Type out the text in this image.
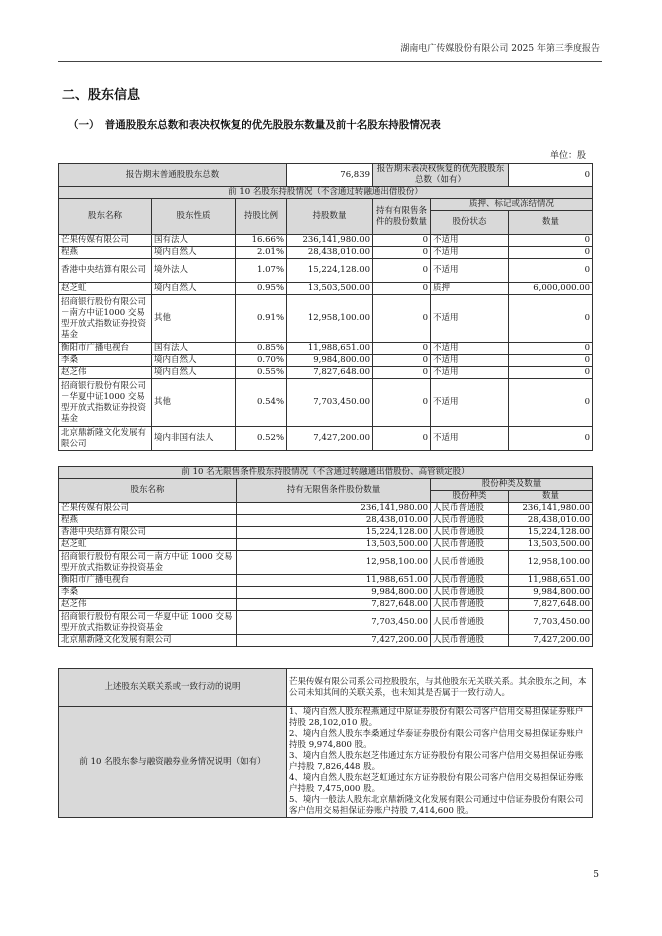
湖南电广传媒股份有限公司 2025 年第三季度报告
二、股东信息
（一）　普通股股东总数和表决权恢复的优先股股东数量及前十名股东持股情况表
单位：股
报告期末普通股股东总数			76,839	报告期末表决权恢复的优先股股东总数（如有）		0
前 10 名股东持股情况（不含通过转融通出借股份）						
股东名称	股东性质	持股比例	持股数量	持有有限售条件的股份数量	质押、标记或冻结情况	
					股份状态	数量
芒果传媒有限公司	国有法人	16.66%	236,141,980.00	0	不适用	0
程燕	境内自然人	2.01%	28,438,010.00	0	不适用	0
香港中央结算有限公司	境外法人	1.07%	15,224,128.00	0	不适用	0
赵芝虹	境内自然人	0.95%	13,503,500.00	0	质押	6,000,000.00
招商银行股份有限公司－南方中证1000 交易型开放式指数证券投资基金	其他	0.91%	12,958,100.00	0	不适用	0
衡阳市广播电视台	国有法人	0.85%	11,988,651.00	0	不适用	0
李桑	境内自然人	0.70%	9,984,800.00	0	不适用	0
赵芝伟	境内自然人	0.55%	7,827,648.00	0	不适用	0
招商银行股份有限公司－华夏中证1000 交易型开放式指数证券投资基金	其他	0.54%	7,703,450.00	0	不适用	0
北京鼎新隆文化发展有限公司	境内非国有法人	0.52%	7,427,200.00	0	不适用	0
前 10 名无限售条件股东持股情况（不含通过转融通出借股份、高管锁定股）			
股东名称	持有无限售条件股份数量	股份种类及数量	
		股份种类	数量
芒果传媒有限公司	236,141,980.00	人民币普通股	236,141,980.00
程燕	28,438,010.00	人民币普通股	28,438,010.00
香港中央结算有限公司	15,224,128.00	人民币普通股	15,224,128.00
赵芝虹	13,503,500.00	人民币普通股	13,503,500.00
招商银行股份有限公司－南方中证 1000 交易型开放式指数证券投资基金	12,958,100.00	人民币普通股	12,958,100.00
衡阳市广播电视台	11,988,651.00	人民币普通股	11,988,651.00
李桑	9,984,800.00	人民币普通股	9,984,800.00
赵芝伟	7,827,648.00	人民币普通股	7,827,648.00
招商银行股份有限公司－华夏中证 1000 交易型开放式指数证券投资基金	7,703,450.00	人民币普通股	7,703,450.00
北京鼎新隆文化发展有限公司	7,427,200.00	人民币普通股	7,427,200.00
上述股东关联关系或一致行动的说明	芒果传媒有限公司系公司控股股东，与其他股东无关联关系。其余股东之间，本公司未知其间的关联关系，也未知其是否属于一致行动人。
前 10 名股东参与融资融券业务情况说明（如有）	1、境内自然人股东程燕通过中原证券股份有限公司客户信用交易担保证券账户持股 28,102,010 股。
2、境内自然人股东李桑通过华泰证券股份有限公司客户信用交易担保证券账户持股 9,974,800 股。
3、境内自然人股东赵芝伟通过东方证券股份有限公司客户信用交易担保证券账户持股 7,826,448 股。
4、境内自然人股东赵芝虹通过东方证券股份有限公司客户信用交易担保证券账户持股 7,475,000 股。
5、境内一般法人股东北京鼎新隆文化发展有限公司通过中信证券股份有限公司客户信用交易担保证券账户持股 7,414,600 股。
5
